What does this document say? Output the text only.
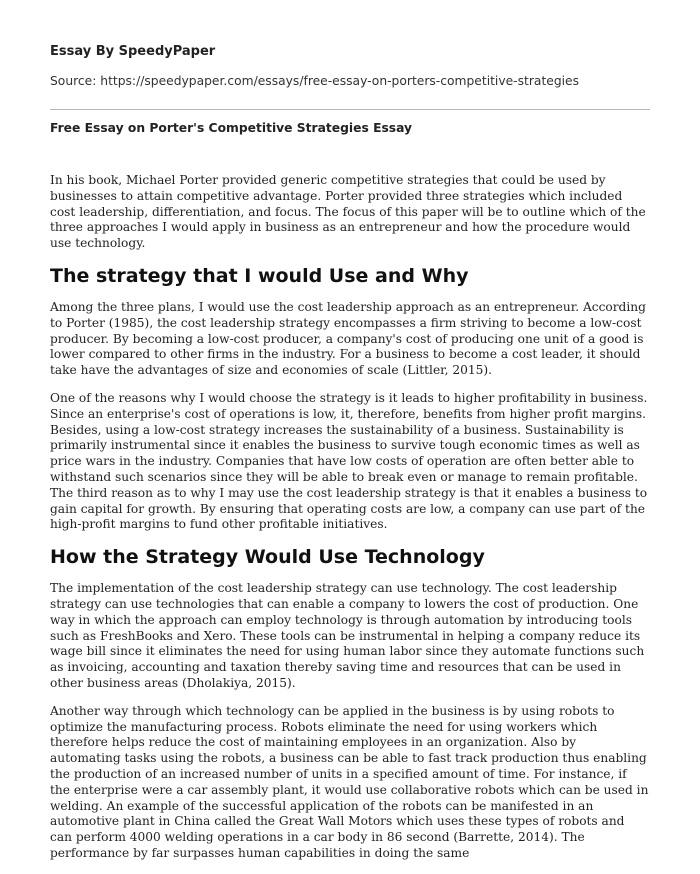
Essay By SpeedyPaper
Source: https://speedypaper.com/essays/free-essay-on-porters-competitive-strategies
Free Essay on Porter's Competitive Strategies Essay

In his book, Michael Porter provided generic competitive strategies that could be used by businesses to attain competitive advantage. Porter provided three strategies which included cost leadership, differentiation, and focus. The focus of this paper will be to outline which of the three approaches I would apply in business as an entrepreneur and how the procedure would use technology.

The strategy that I would Use and Why

Among the three plans, I would use the cost leadership approach as an entrepreneur. According to Porter (1985), the cost leadership strategy encompasses a firm striving to become a low-cost producer. By becoming a low-cost producer, a company's cost of producing one unit of a good is lower compared to other firms in the industry. For a business to become a cost leader, it should take have the advantages of size and economies of scale (Littler, 2015).

One of the reasons why I would choose the strategy is it leads to higher profitability in business. Since an enterprise's cost of operations is low, it, therefore, benefits from higher profit margins. Besides, using a low-cost strategy increases the sustainability of a business. Sustainability is primarily instrumental since it enables the business to survive tough economic times as well as price wars in the industry. Companies that have low costs of operation are often better able to withstand such scenarios since they will be able to break even or manage to remain profitable. The third reason as to why I may use the cost leadership strategy is that it enables a business to gain capital for growth. By ensuring that operating costs are low, a company can use part of the high-profit margins to fund other profitable initiatives.

How the Strategy Would Use Technology

The implementation of the cost leadership strategy can use technology. The cost leadership strategy can use technologies that can enable a company to lowers the cost of production. One way in which the approach can employ technology is through automation by introducing tools such as FreshBooks and Xero. These tools can be instrumental in helping a company reduce its wage bill since it eliminates the need for using human labor since they automate functions such as invoicing, accounting and taxation thereby saving time and resources that can be used in other business areas (Dholakiya, 2015).

Another way through which technology can be applied in the business is by using robots to optimize the manufacturing process. Robots eliminate the need for using workers which therefore helps reduce the cost of maintaining employees in an organization. Also by automating tasks using the robots, a business can be able to fast track production thus enabling the production of an increased number of units in a specified amount of time. For instance, if the enterprise were a car assembly plant, it would use collaborative robots which can be used in welding. An example of the successful application of the robots can be manifested in an automotive plant in China called the Great Wall Motors which uses these types of robots and can perform 4000 welding operations in a car body in 86 second (Barrette, 2014). The performance by far surpasses human capabilities in doing the same
